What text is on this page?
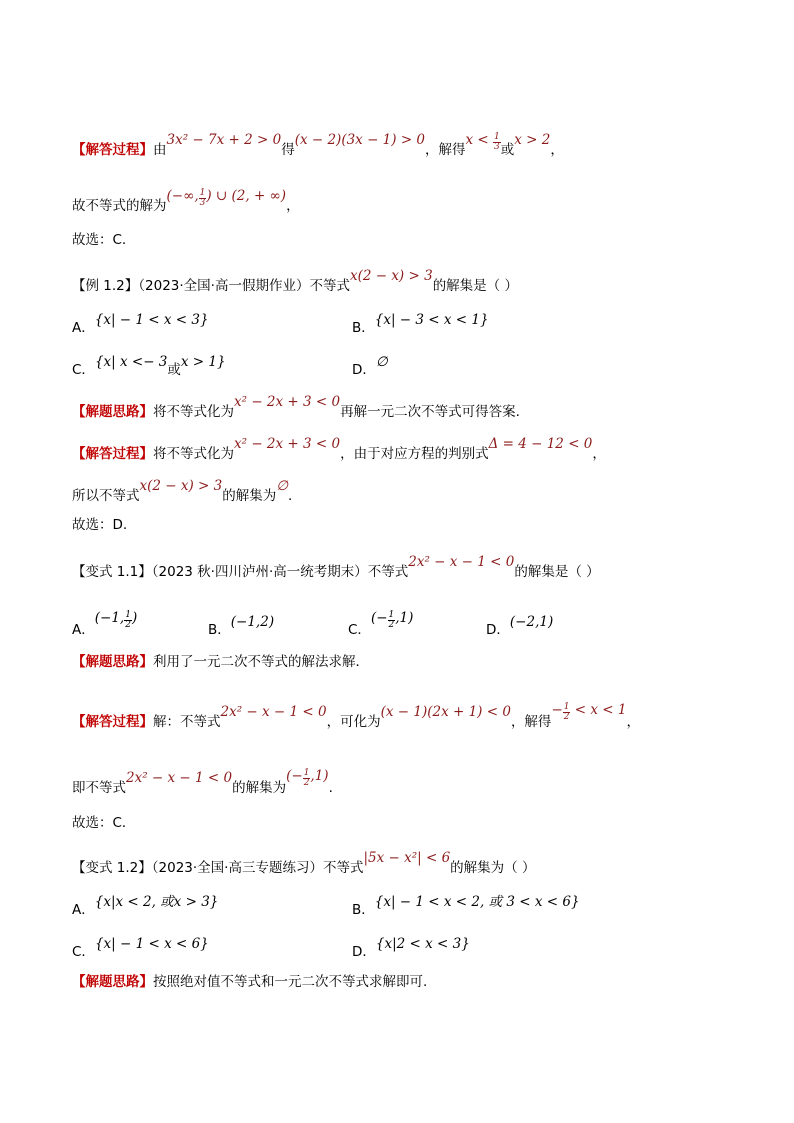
【解答过程】由3x² − 7x + 2 > 0得(x − 2)(3x − 1) > 0，解得$x < \frac{1}{3}$ 或x > 2，
故不等式的解为(−∞, $\frac{1}{3}$ ) ∪ (2, + ∞)，
故选：C.
【例 1.2】（2023·全国·高一假期作业）不等式x(2 − x) > 3的解集是（ ）
A．{x| − 1 < x < 3}	B．{x| − 3 < x < 1}
C．{x| x <− 3或x > 1}	D．∅
【解题思路】将不等式化为x² − 2x + 3 < 0再解一元二次不等式可得答案.
【解答过程】将不等式化为x² − 2x + 3 < 0，由于对应方程的判别式Δ = 4 − 12 < 0，
所以不等式x(2 − x) > 3的解集为∅.
故选：D.
【变式 1.1】（2023 秋·四川泸州·高一统考期末）不等式2x² − x − 1 < 0的解集是（ ）
A．(−1, $\frac{1}{2}$ )
B．(−1,2)	C．(− $\frac{1}{2} ,1$)
D．(−2,1)
【解题思路】利用了一元二次不等式的解法求解．
【解答过程】解：不等式2x² − x − 1 < 0，可化为(x − 1)(2x + 1) < 0，解得− $\frac{1}{2} < x < 1$，
即不等式2x² − x − 1 < 0的解集为(− $\frac{1}{2} ,1$).
故选：C．
【变式 1.2】（2023·全国·高三专题练习）不等式|5x − x²| < 6的解集为（ ）
A．{x|x < 2, 或x > 3}	B．{x| − 1 < x < 2, 或 3 < x < 6}
C．{x| − 1 < x < 6}	D．{x|2 < x < 3}
【解题思路】按照绝对值不等式和一元二次不等式求解即可.
